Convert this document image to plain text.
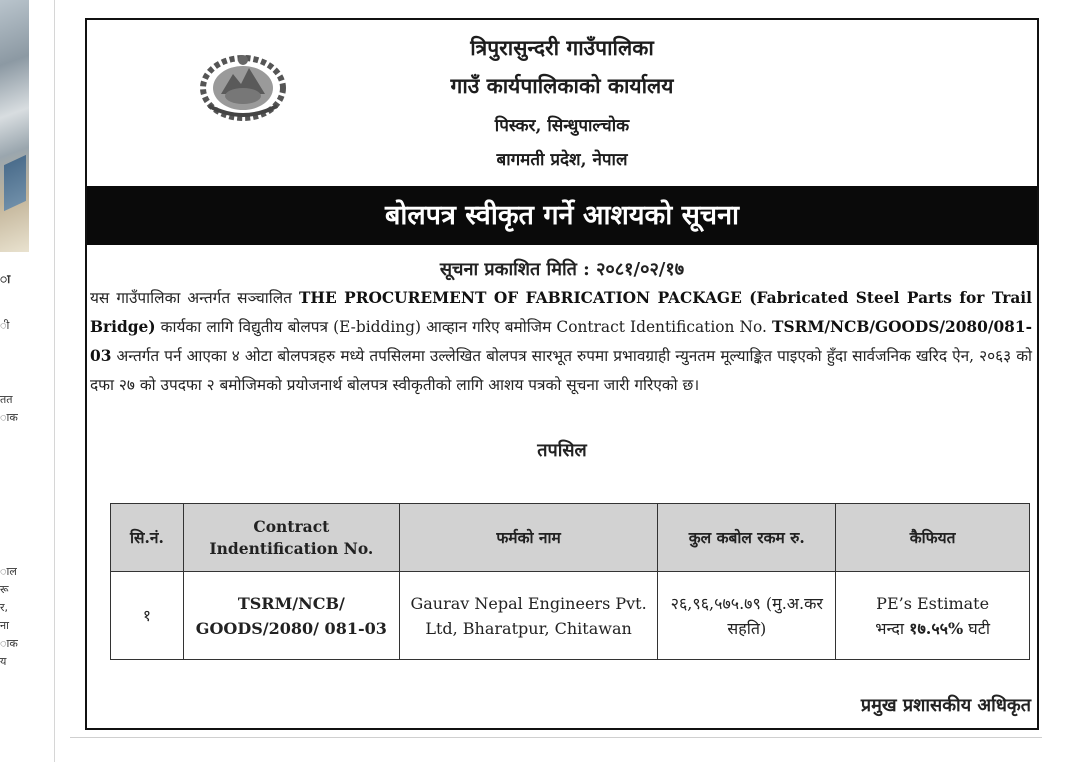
ा
ी
तत
ाक
ाल
रू
र,
ना
ाक
य
त्रिपुरासुन्दरी गाउँपालिका
गाउँ कार्यपालिकाको कार्यालय
पिस्कर, सिन्धुपाल्चोक
बागमती प्रदेश, नेपाल
बोलपत्र स्वीकृत गर्ने आशयको सूचना
सूचना प्रकाशित मिति : २०८१/०२/१७
यस गाउँपालिका अन्तर्गत सञ्चालित THE PROCUREMENT OF FABRICATION PACKAGE (Fabricated Steel Parts for Trail Bridge) कार्यका लागि विद्युतीय बोलपत्र (E-bidding) आव्हान गरिए बमोजिम Contract Identification No. TSRM/NCB/GOODS/2080/081-03 अन्तर्गत पर्न आएका ४ ओटा बोलपत्रहरु मध्ये तपसिलमा उल्लेखित बोलपत्र सारभूत रुपमा प्रभावग्राही न्युनतम मूल्याङ्कित पाइएको हुँदा सार्वजनिक खरिद ऐन, २०६३ को दफा २७ को उपदफा २ बमोजिमको प्रयोजनार्थ बोलपत्र स्वीकृतीको लागि आशय पत्रको सूचना जारी गरिएको छ।
तपसिल
सि.नं.	Contract Indentification No.	फर्मको नाम	कुल कबोल रकम रु.	कैफियत
१	TSRM/NCB/ GOODS/2080/ 081-03	Gaurav Nepal Engineers Pvt. Ltd, Bharatpur, Chitawan	२६,९६,५७५.७९ (मु.अ.कर सहति)	PE’s Estimate
भन्दा १७.५५% घटी
प्रमुख प्रशासकीय अधिकृत
